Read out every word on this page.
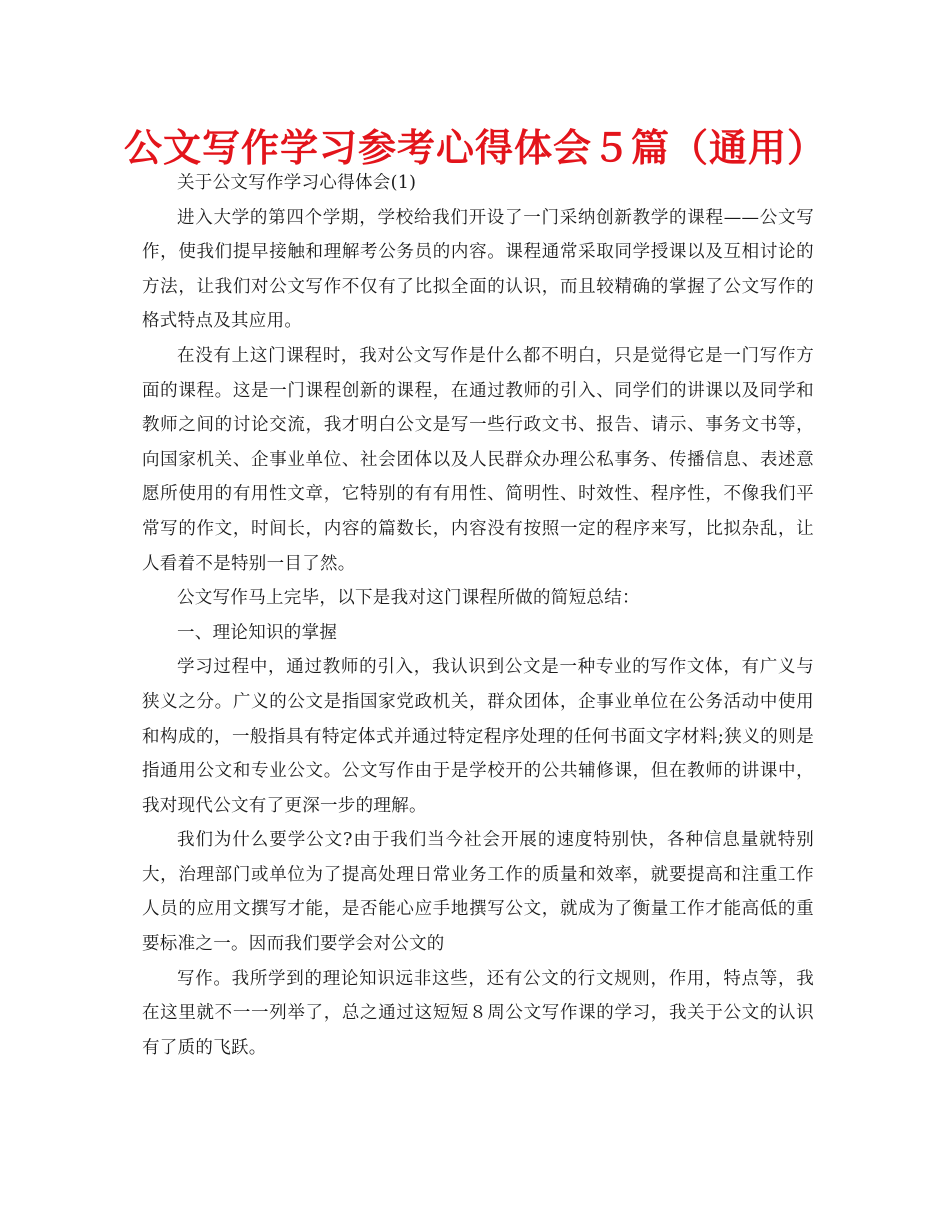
公文写作学习参考心得体会５篇（通用）

关于公文写作学习心得体会(1)

进入大学的第四个学期，学校给我们开设了一门采纳创新教学的课程——公文写作，使我们提早接触和理解考公务员的内容。课程通常采取同学授课以及互相讨论的方法，让我们对公文写作不仅有了比拟全面的认识，而且较精确的掌握了公文写作的格式特点及其应用。

在没有上这门课程时，我对公文写作是什么都不明白，只是觉得它是一门写作方面的课程。这是一门课程创新的课程，在通过教师的引入、同学们的讲课以及同学和教师之间的讨论交流，我才明白公文是写一些行政文书、报告、请示、事务文书等，向国家机关、企事业单位、社会团体以及人民群众办理公私事务、传播信息、表述意愿所使用的有用性文章，它特别的有有用性、简明性、时效性、程序性，不像我们平常写的作文，时间长，内容的篇数长，内容没有按照一定的程序来写，比拟杂乱，让人看着不是特别一目了然。

公文写作马上完毕，以下是我对这门课程所做的简短总结：

一、理论知识的掌握

学习过程中，通过教师的引入，我认识到公文是一种专业的写作文体，有广义与狭义之分。广义的公文是指国家党政机关，群众团体，企事业单位在公务活动中使用和构成的，一般指具有特定体式并通过特定程序处理的任何书面文字材料;狭义的则是指通用公文和专业公文。公文写作由于是学校开的公共辅修课，但在教师的讲课中，我对现代公文有了更深一步的理解。

我们为什么要学公文?由于我们当今社会开展的速度特别快，各种信息量就特别大，治理部门或单位为了提高处理日常业务工作的质量和效率，就要提高和注重工作人员的应用文撰写才能，是否能心应手地撰写公文，就成为了衡量工作才能高低的重要标准之一。因而我们要学会对公文的

写作。我所学到的理论知识远非这些，还有公文的行文规则，作用，特点等，我在这里就不一一列举了，总之通过这短短８周公文写作课的学习，我关于公文的认识有了质的飞跃。
